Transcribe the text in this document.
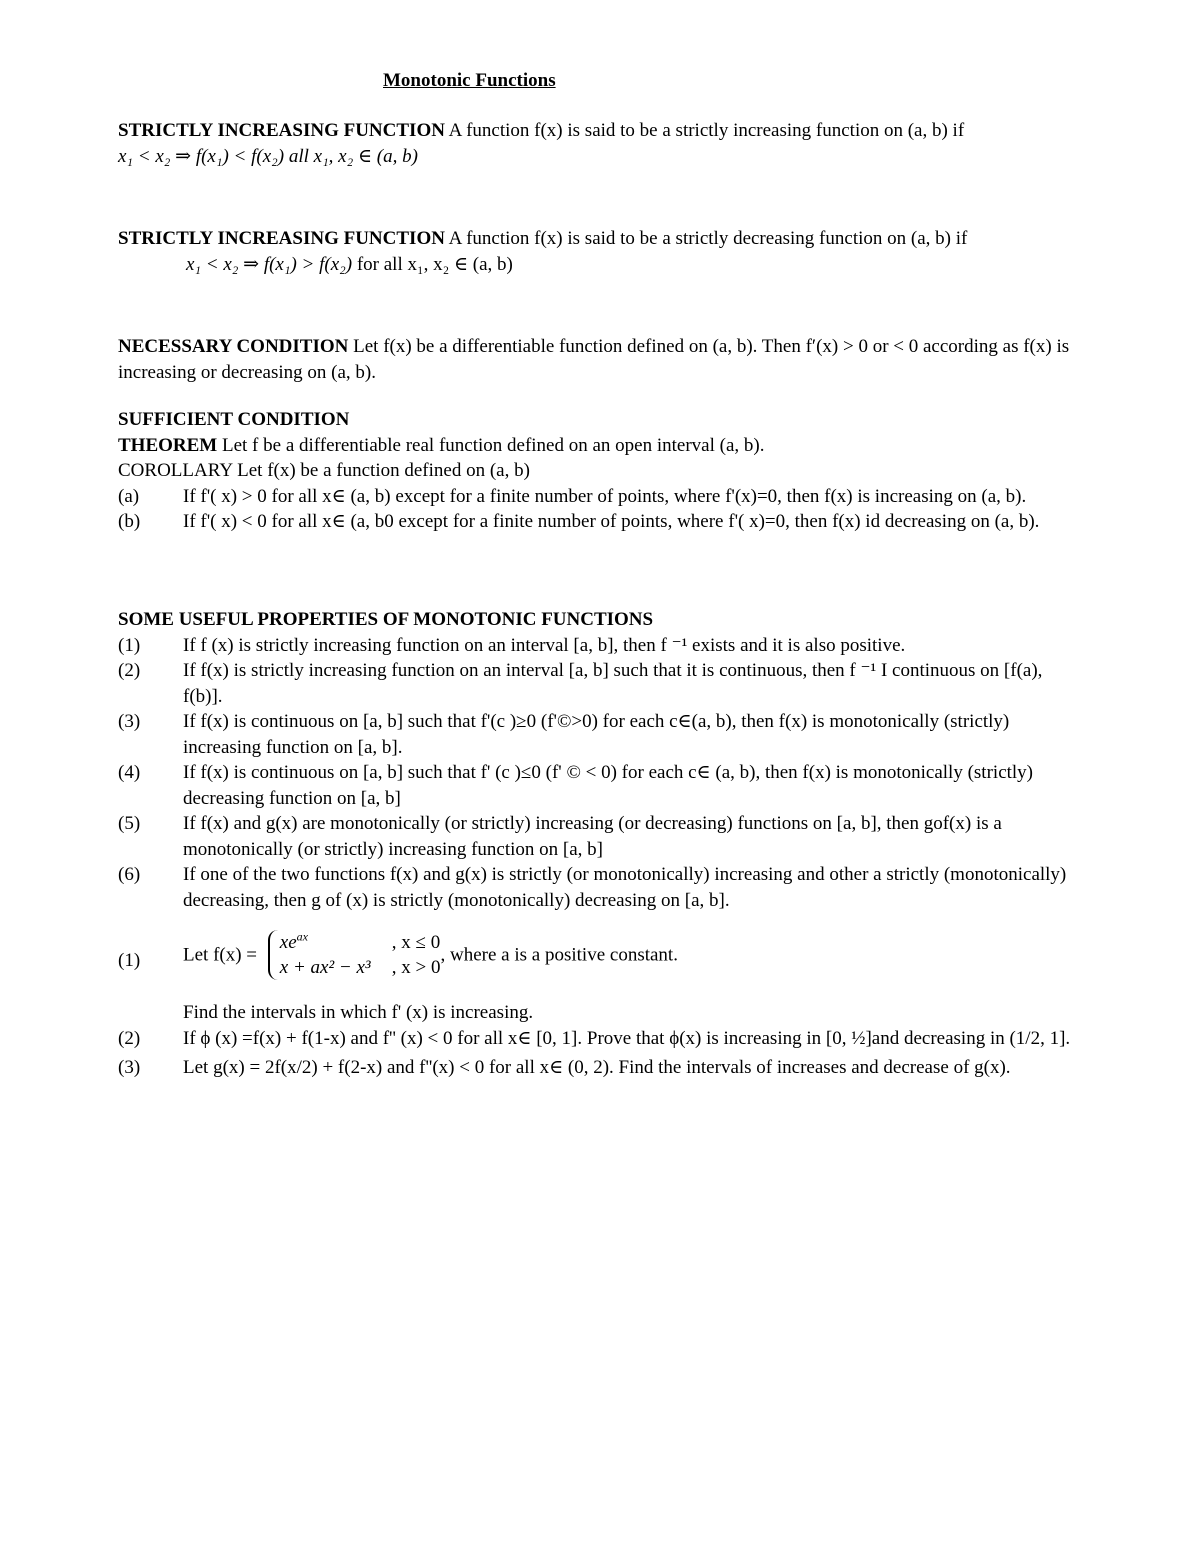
Monotonic Functions
STRICTLY INCREASING FUNCTION A function f(x) is said to be a strictly increasing function on (a, b) if
x₁ < x₂ ⇒ f(x₁) < f(x₂) all x₁, x₂ ∈ (a, b)
STRICTLY INCREASING FUNCTION A function f(x) is said to be a strictly decreasing function on (a, b) if
x₁ < x₂ ⇒ f(x₁) > f(x₂) for all x₁, x₂ ∈ (a, b)
NECESSARY CONDITION Let f(x) be a differentiable function defined on (a, b). Then f′(x) > 0 or < 0 according as f(x) is increasing or decreasing on (a, b).
SUFFICIENT CONDITION
THEOREM Let f be a differentiable real function defined on an open interval (a, b).
COROLLARY Let f(x) be a function defined on (a, b)
(a) If f'( x) > 0 for all x∈ (a, b) except for a finite number of points, where f'(x)=0, then f(x) is increasing on (a, b).
(b) If f'( x) < 0 for all x∈ (a, b0 except for a finite number of points, where f'( x)=0, then f(x) id decreasing on (a, b).
SOME USEFUL PROPERTIES OF MONOTONIC FUNCTIONS
(1) If f (x) is strictly increasing function on an interval [a, b], then f ⁻¹ exists and it is also positive.
(2) If f(x) is strictly increasing function on an interval [a, b] such that it is continuous, then f ⁻¹ I continuous on [f(a), f(b)].
(3) If f(x) is continuous on [a, b] such that f'(c )≥0 (f'©>0) for each c∈(a, b), then f(x) is monotonically (strictly) increasing function on [a, b].
(4) If f(x) is continuous on [a, b] such that f' (c )≤0 (f' © < 0) for each c∈ (a, b), then f(x) is monotonically (strictly) decreasing function on [a, b]
(5) If f(x) and g(x) are monotonically (or strictly) increasing (or decreasing) functions on [a, b], then gof(x) is a monotonically (or strictly) increasing function on [a, b]
(6) If one of the two functions f(x) and g(x) is strictly (or monotonically) increasing and other a strictly (monotonically) decreasing, then g of (x) is strictly (monotonically) decreasing on [a, b].
(1) Let f(x) =
$xe^{ax}$	, x ≤ 0
x + ax² − x³ , x > 0
, where a is a positive constant.
Find the intervals in which f' (x) is increasing.
(2) If ϕ (x) =f(x) + f(1-x) and f'' (x) < 0 for all x∈ [0, 1]. Prove that ϕ(x) is increasing in [0, ½]and decreasing in (1/2, 1].
(3) Let g(x) = 2f(x/2) + f(2-x) and f''(x) < 0 for all x∈ (0, 2). Find the intervals of increases and decrease of g(x).
